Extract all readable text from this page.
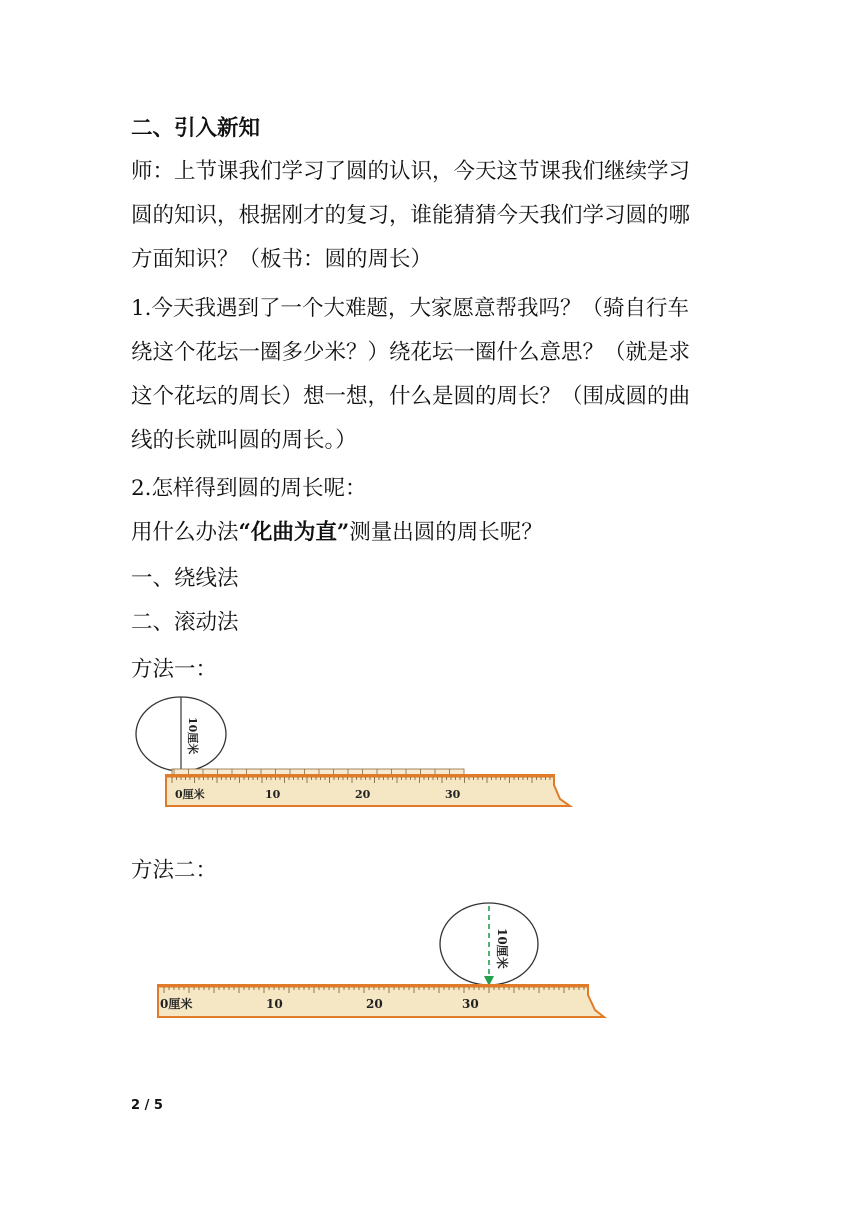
二、引入新知
师：上节课我们学习了圆的认识，今天这节课我们继续学习
圆的知识，根据刚才的复习，谁能猜猜今天我们学习圆的哪
方面知识？（板书：圆的周长）
1.今天我遇到了一个大难题，大家愿意帮我吗？（骑自行车
绕这个花坛一圈多少米？）绕花坛一圈什么意思？（就是求
这个花坛的周长）想一想，什么是圆的周长？（围成圆的曲
线的长就叫圆的周长。）
2.怎样得到圆的周长呢：
用什么办法“化曲为直”测量出圆的周长呢？
一、绕线法
二、滚动法
方法一：
10厘米
0厘米	10	20	30
方法二：
10厘米
0厘米	10	20	30
2 / 5
